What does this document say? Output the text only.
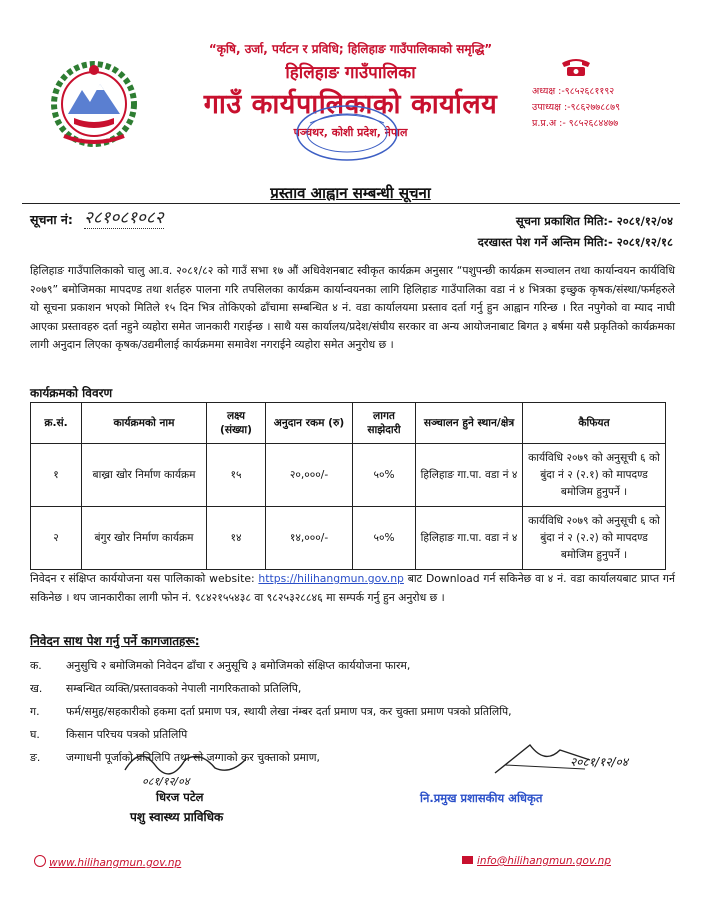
“कृषि, उर्जा, पर्यटन र प्रविधि; हिलिहाङ गाउँपालिकाको समृद्धि”
हिलिहाङ गाउँपालिका
गाउँ कार्यपालिकाको कार्यालय
पञ्चथर, कोशी प्रदेश, नेपाल
अध्यक्ष :-९८५२६८११९२
उपाध्यक्ष :-९८६२७७८८७९
प्र.प्र.अ :- ९८५२६८४४७७
प्रस्ताव आह्वान सम्बन्धी सूचना
सूचना नं: २८१०८१०८२	सूचना प्रकाशित मिति:- २०८१/१२/०४
दरखास्त पेश गर्ने अन्तिम मिति:- २०८१/१२/१८
हिलिहाङ गाउँपालिकाको चालु आ.व. २०८१/८२ को गाउँ सभा १७ औं अधिवेशनबाट स्वीकृत कार्यक्रम अनुसार “पशुपन्छी कार्यक्रम सञ्चालन तथा कार्यान्वयन कार्यविधि २०७९” बमोजिमका मापदण्ड तथा शर्तहरु पालना गरि तपसिलका कार्यक्रम कार्यान्वयनका लागि हिलिहाङ गाउँपालिका वडा नं ४ भित्रका इच्छुक कृषक/संस्था/फर्महरुले यो सूचना प्रकाशन भएको मितिले १५ दिन भित्र तोकिएको ढाँचामा सम्बन्धित ४ नं. वडा कार्यालयमा प्रस्ताव दर्ता गर्नु हुन आह्वान गरिन्छ । रित नपुगेको वा म्याद नाघी आएका प्रस्तावहरु दर्ता नहुने व्यहोरा समेत जानकारी गराईन्छ । साथै यस कार्यालय/प्रदेश/संघीय सरकार वा अन्य आयोजनाबाट बिगत ३ बर्षमा यसै प्रकृतिको कार्यक्रमका लागी अनुदान लिएका कृषक/उद्यमीलाई कार्यक्रममा समावेश नगराईने व्यहोरा समेत अनुरोध छ ।
कार्यक्रमको विवरण
क्र.सं.	कार्यक्रमको नाम	लक्ष्य (संख्या)	अनुदान रकम (रु)	लागत साझेदारी	सञ्चालन हुने स्थान/क्षेत्र	कैफियत
१	बाख्रा खोर निर्माण कार्यक्रम	१५	२०,०००/-	५०%	हिलिहाङ गा.पा. वडा नं ४	कार्यविधि २०७९ को अनुसूची ६ को बुंदा नं २ (२.१) को मापदण्ड बमोजिम हुनुपर्ने ।
२	बंगुर खोर निर्माण कार्यक्रम	१४	१४,०००/-	५०%	हिलिहाङ गा.पा. वडा नं ४	कार्यविधि २०७९ को अनुसूची ६ को बुंदा नं २ (२.२) को मापदण्ड बमोजिम हुनुपर्ने ।
निवेदन र संक्षिप्त कार्ययोजना यस पालिकाको website: https://hilihangmun.gov.np बाट Download गर्न सकिनेछ वा ४ नं. वडा कार्यालयबाट प्राप्त गर्न सकिनेछ । थप जानकारीका लागी फोन नं. ९८४२१५५४३८ वा ९८२५३२८८४६ मा सम्पर्क गर्नु हुन अनुरोध छ ।
निवेदन साथ पेश गर्नु पर्ने कागजातहरू:
क. अनुसुचि २ बमोजिमको निवेदन ढाँचा र अनुसूचि ३ बमोजिमको संक्षिप्त कार्ययोजना फारम,
ख. सम्बन्धित व्यक्ति/प्रस्तावकको नेपाली नागरिकताको प्रतिलिपि,
ग. फर्म/समुह/सहकारीको हकमा दर्ता प्रमाण पत्र, स्थायी लेखा नंम्बर दर्ता प्रमाण पत्र, कर चुक्ता प्रमाण पत्रको प्रतिलिपि,
घ. किसान परिचय पत्रको प्रतिलिपि
ङ. जग्गाधनी पूर्जाको प्रतिलिपि तथा सो जग्गाको कर चुक्ताको प्रमाण,
०८१/१२/०४
धिरज पटेल
पशु स्वास्थ्य प्राविधिक
२०८१/१२/०४
नि.प्रमुख प्रशासकीय अधिकृत
www.hilihangmun.gov.np	info@hilihangmun.gov.np
